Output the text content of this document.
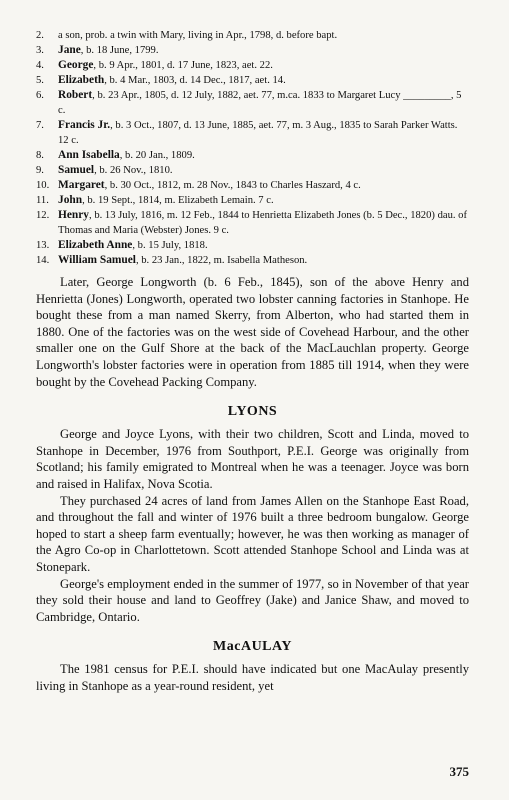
2.	a son, prob. a twin with Mary, living in Apr., 1798, d. before bapt.
3.	Jane, b. 18 June, 1799.
4.	George, b. 9 Apr., 1801, d. 17 June, 1823, aet. 22.
5.	Elizabeth, b. 4 Mar., 1803, d. 14 Dec., 1817, aet. 14.
6.	Robert, b. 23 Apr., 1805, d. 12 July, 1882, aet. 77, m.ca. 1833 to Margaret Lucy _________, 5 c.
7.	Francis Jr., b. 3 Oct., 1807, d. 13 June, 1885, aet. 77, m. 3 Aug., 1835 to Sarah Parker Watts. 12 c.
8.	Ann Isabella, b. 20 Jan., 1809.
9.	Samuel, b. 26 Nov., 1810.
10. Margaret, b. 30 Oct., 1812, m. 28 Nov., 1843 to Charles Haszard, 4 c.
11. John, b. 19 Sept., 1814, m. Elizabeth Lemain. 7 c.
12. Henry, b. 13 July, 1816, m. 12 Feb., 1844 to Henrietta Elizabeth Jones (b. 5 Dec., 1820) dau. of Thomas and Maria (Webster) Jones. 9 c.
13. Elizabeth Anne, b. 15 July, 1818.
14. William Samuel, b. 23 Jan., 1822, m. Isabella Matheson.

Later, George Longworth (b. 6 Feb., 1845), son of the above Henry and Henrietta (Jones) Longworth, operated two lobster canning factories in Stanhope. He bought these from a man named Skerry, from Alberton, who had started them in 1880. One of the factories was on the west side of Covehead Harbour, and the other smaller one on the Gulf Shore at the back of the MacLauchlan property. George Longworth's lobster factories were in operation from 1885 till 1914, when they were bought by the Covehead Packing Company.

LYONS

George and Joyce Lyons, with their two children, Scott and Linda, moved to Stanhope in December, 1976 from Southport, P.E.I. George was originally from Scotland; his family emigrated to Montreal when he was a teenager. Joyce was born and raised in Halifax, Nova Scotia.

They purchased 24 acres of land from James Allen on the Stanhope East Road, and throughout the fall and winter of 1976 built a three bedroom bungalow. George hoped to start a sheep farm eventually; however, he was then working as manager of the Agro Co-op in Charlottetown. Scott attended Stanhope School and Linda was at Stonepark.

George's employment ended in the summer of 1977, so in November of that year they sold their house and land to Geoffrey (Jake) and Janice Shaw, and moved to Cambridge, Ontario.

MacAULAY

The 1981 census for P.E.I. should have indicated but one MacAulay presently living in Stanhope as a year-round resident, yet

375
